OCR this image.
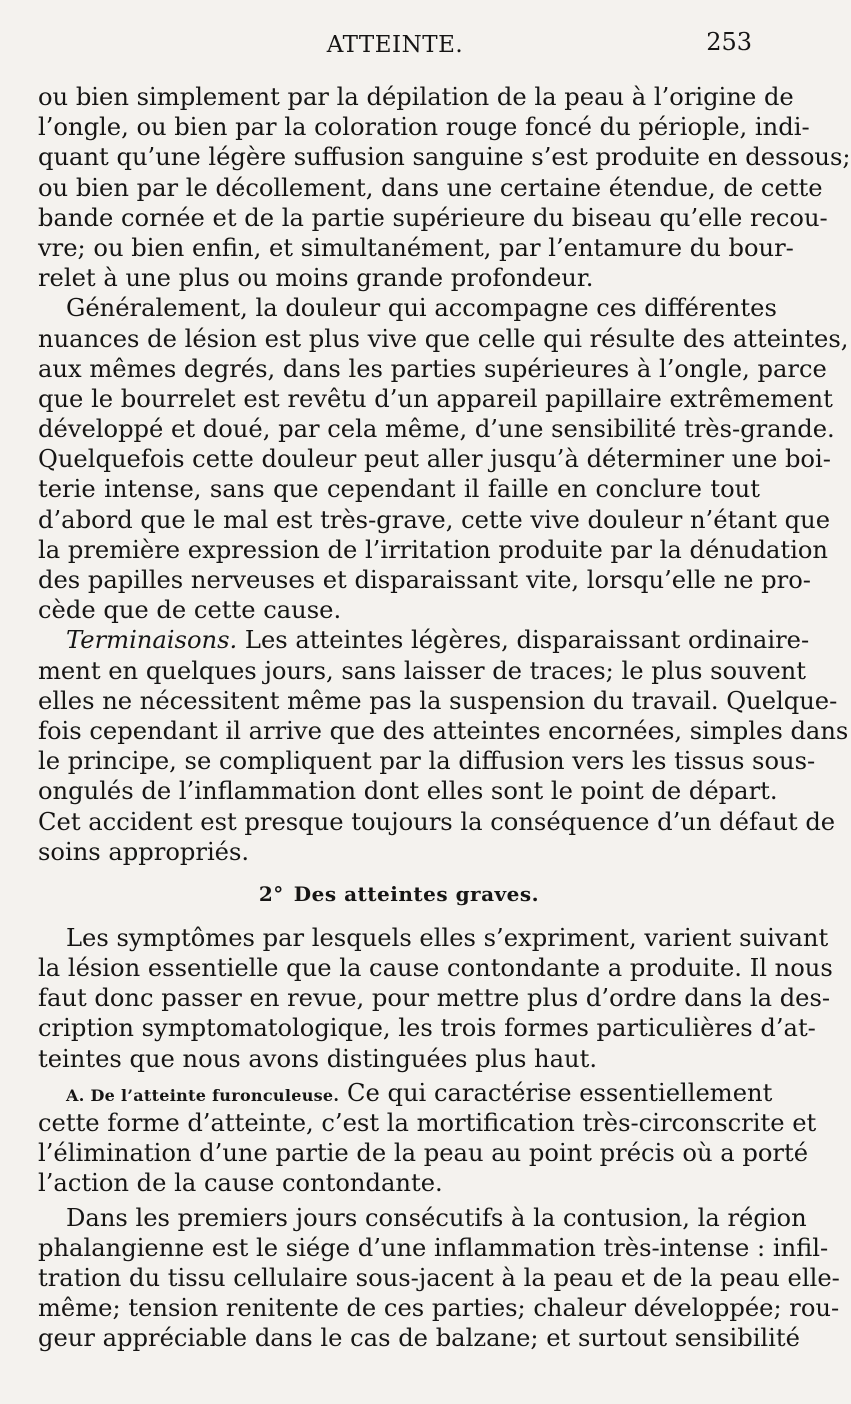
ATTEINTE.	253
ou bien simplement par la dépilation de la peau à l’origine de
l’ongle, ou bien par la coloration rouge foncé du périople, indi-
quant qu’une légère suffusion sanguine s’est produite en dessous;
ou bien par le décollement, dans une certaine étendue, de cette
bande cornée et de la partie supérieure du biseau qu’elle recou-
vre; ou bien enfin, et simultanément, par l’entamure du bour-
relet à une plus ou moins grande profondeur.
Généralement, la douleur qui accompagne ces différentes
nuances de lésion est plus vive que celle qui résulte des atteintes,
aux mêmes degrés, dans les parties supérieures à l’ongle, parce
que le bourrelet est revêtu d’un appareil papillaire extrêmement
développé et doué, par cela même, d’une sensibilité très-grande.
Quelquefois cette douleur peut aller jusqu’à déterminer une boi-
terie intense, sans que cependant il faille en conclure tout
d’abord que le mal est très-grave, cette vive douleur n’étant que
la première expression de l’irritation produite par la dénudation
des papilles nerveuses et disparaissant vite, lorsqu’elle ne pro-
cède que de cette cause.
Terminaisons. Les atteintes légères, disparaissant ordinaire-
ment en quelques jours, sans laisser de traces; le plus souvent
elles ne nécessitent même pas la suspension du travail. Quelque-
fois cependant il arrive que des atteintes encornées, simples dans
le principe, se compliquent par la diffusion vers les tissus sous-
ongulés de l’inflammation dont elles sont le point de départ.
Cet accident est presque toujours la conséquence d’un défaut de
soins appropriés.
2° Des atteintes graves.
Les symptômes par lesquels elles s’expriment, varient suivant
la lésion essentielle que la cause contondante a produite. Il nous
faut donc passer en revue, pour mettre plus d’ordre dans la des-
cription symptomatologique, les trois formes particulières d’at-
teintes que nous avons distinguées plus haut.
A. De l’atteinte furonculeuse. Ce qui caractérise essentiellement
cette forme d’atteinte, c’est la mortification très-circonscrite et
l’élimination d’une partie de la peau au point précis où a porté
l’action de la cause contondante.
Dans les premiers jours consécutifs à la contusion, la région
phalangienne est le siége d’une inflammation très-intense : infil-
tration du tissu cellulaire sous-jacent à la peau et de la peau elle-
même; tension renitente de ces parties; chaleur développée; rou-
geur appréciable dans le cas de balzane; et surtout sensibilité
